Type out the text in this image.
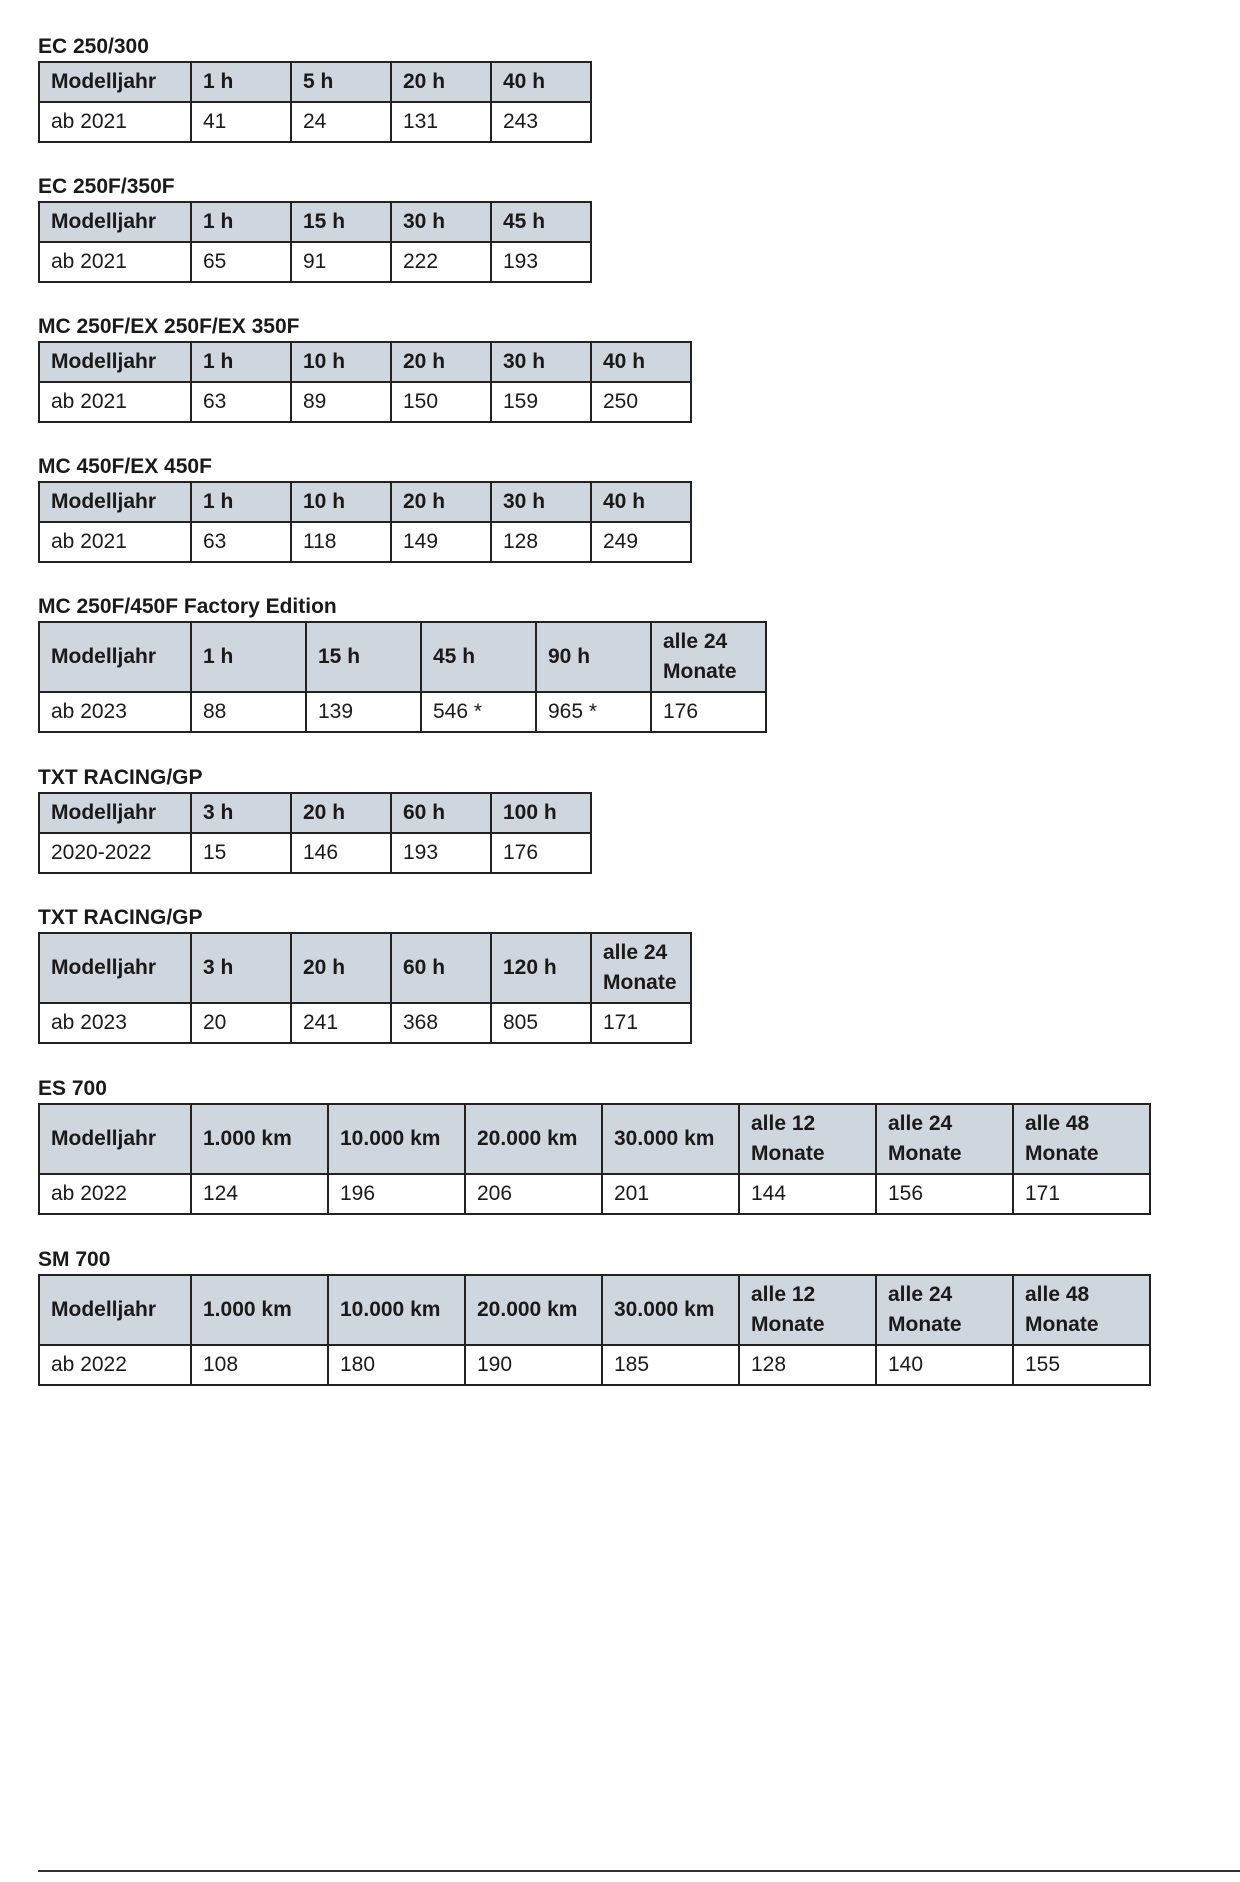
EC 250/300
Modelljahr	1 h	5 h	20 h	40 h
ab 2021	41	24	131	243
EC 250F/350F
Modelljahr	1 h	15 h	30 h	45 h
ab 2021	65	91	222	193
MC 250F/EX 250F/EX 350F
Modelljahr	1 h	10 h	20 h	30 h	40 h
ab 2021	63	89	150	159	250
MC 450F/EX 450F
Modelljahr	1 h	10 h	20 h	30 h	40 h
ab 2021	63	118	149	128	249
MC 250F/450F Factory Edition
Modelljahr	1 h	15 h	45 h	90 h	alle 24 Monate
ab 2023	88	139	546 *	965 *	176
TXT RACING/GP
Modelljahr	3 h	20 h	60 h	100 h
2020-2022	15	146	193	176
TXT RACING/GP
Modelljahr	3 h	20 h	60 h	120 h	alle 24 Monate
ab 2023	20	241	368	805	171
ES 700
Modelljahr	1.000 km	10.000 km	20.000 km	30.000 km	alle 12 Monate	alle 24 Monate	alle 48 Monate
ab 2022	124	196	206	201	144	156	171
SM 700
Modelljahr	1.000 km	10.000 km	20.000 km	30.000 km	alle 12 Monate	alle 24 Monate	alle 48 Monate
ab 2022	108	180	190	185	128	140	155
